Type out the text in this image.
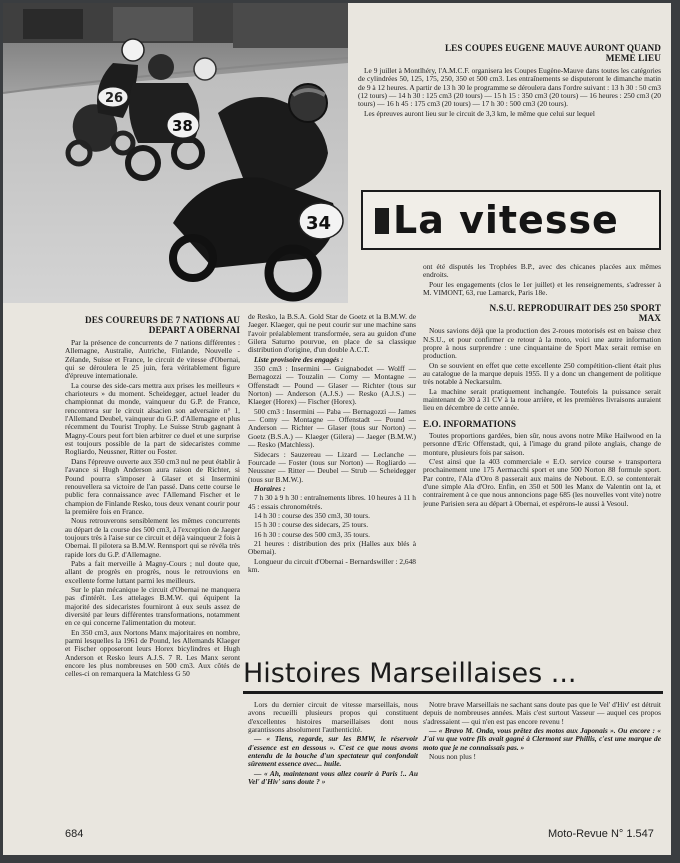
26
38
34
LES COUPES EUGENE MAUVE AURONT QUAND MEME LIEU

Le 9 juillet à Montlhéry, l'A.M.C.F. organisera les Coupes Eugène-Mauve dans toutes les catégories de cylindrées 50, 125, 175, 250, 350 et 500 cm3. Les entraînements se disputeront le dimanche matin de 9 à 12 heures. A partir de 13 h 30 le programme se déroulera dans l'ordre suivant : 13 h 30 : 50 cm3 (12 tours) — 14 h 30 : 125 cm3 (20 tours) — 15 h 15 : 350 cm3 (20 tours) — 16 heures : 250 cm3 (20 tours) — 16 h 45 : 175 cm3 (20 tours) — 17 h 30 : 500 cm3 (20 tours).

Les épreuves auront lieu sur le circuit de 3,3 km, le même que celui sur lequel

La vitesse

ont été disputés les Trophées B.P., avec des chicanes placées aux mêmes endroits.

Pour les engagements (clos le 1er juillet) et les renseignements, s'adresser à M. VIMONT, 63, rue Lamarck, Paris 18e.

N.S.U. REPRODUIRAIT DES 250 SPORT MAX

Nous savions déjà que la production des 2-roues motorisés est en baisse chez N.S.U., et pour confirmer ce retour à la moto, voici une autre information propre à nous surprendre : une cinquantaine de Sport Max serait remise en production.

On se souvient en effet que cette excellente 250 compétition-client était plus au catalogue de la marque depuis 1955. Il y a donc un changement de politique très notable à Neckarsulm.

La machine serait pratiquement inchangée. Toutefois la puissance serait maintenant de 30 à 31 CV à la roue arrière, et les premières livraisons auraient lieu en décembre de cette année.

E.O. INFORMATIONS

Toutes proportions gardées, bien sûr, nous avons notre Mike Hailwood en la personne d'Eric Offenstadt, qui, à l'image du grand pilote anglais, change de monture, plusieurs fois par saison.

C'est ainsi que la 403 commerciale « E.O. service course » transportera prochainement une 175 Aermacchi sport et une 500 Norton 88 formule sport. Par contre, l'Ala d'Oro 8 passerait aux mains de Nebout. E.O. se contenterait d'une simple Ala d'Oro. Enfin, en 350 et 500 les Manx de Valentin ont la, et contrairement à ce que nous annoncions page 685 (les nouvelles vont vite) notre jeune Parisien sera au départ à Obernai, et espérons-le aussi à Vesoul.

DES COUREURS DE 7 NATIONS AU DEPART A OBERNAI

Par la présence de concurrents de 7 nations différentes : Allemagne, Australie, Autriche, Finlande, Nouvelle - Zélande, Suisse et France, le circuit de vitesse d'Obernai, qui se déroulera le 25 juin, fera véritablement figure d'épreuve internationale.

La course des side-cars mettra aux prises les meilleurs « charioteurs » du moment. Scheidegger, actuel leader du championnat du monde, vainqueur du G.P. de France, rencontrera sur le circuit alsacien son adversaire n° 1, l'Allemand Deubel, vainqueur du G.P. d'Allemagne et plus récemment du Tourist Trophy. Le Suisse Strub gagnant à Magny-Cours peut fort bien arbitrer ce duel et une surprise est toujours possible de la part de sidecaristes comme Rogliardo, Neussner, Ritter ou Foster.

Dans l'épreuve ouverte aux 350 cm3 nul ne peut établir à l'avance si Hugh Anderson aura raison de Richter, si Pound pourra s'imposer à Glaser et si Insermini renouvellera sa victoire de l'an passé. Dans cette course le public fera connaissance avec l'Allemand Fischer et le champion de Finlande Resko, tous deux venant courir pour la première fois en France.

Nous retrouverons sensiblement les mêmes concurrents au départ de la course des 500 cm3, à l'exception de Jaeger toujours très à l'aise sur ce circuit et déjà vainqueur 2 fois à Obernai. Il pilotera sa B.M.W. Rennsport qui se révéla très rapide lors du G.P. d'Allemagne.

Pabs a fait merveille à Magny-Cours ; nul doute que, allant de progrès en progrès, nous le retrouvions en excellente forme luttant parmi les meilleurs.

Sur le plan mécanique le circuit d'Obernai ne manquera pas d'intérêt. Les attelages B.M.W. qui équipent la majorité des sidecaristes fourniront à eux seuls assez de diversité par leurs différentes transformations, notamment en ce qui concerne l'alimentation du moteur.

En 350 cm3, aux Nortons Manx majoritaires en nombre, parmi lesquelles la 1961 de Pound, les Allemands Klaeger et Fischer opposeront leurs Horex bicylindres et Hugh Anderson et Resko leurs A.J.S. 7 R. Les Manx seront encore les plus nombreuses en 500 cm3. Aux côtés de celles-ci on remarquera la Matchless G 50

de Resko, la B.S.A. Gold Star de Goetz et la B.M.W. de Jaeger. Klaeger, qui ne peut courir sur une machine sans l'avoir préalablement transformée, sera au guidon d'une Gilera Saturno pourvue, en place de sa classique distribution d'origine, d'un double A.C.T.

Liste provisoire des engagés :

350 cm3 : Insermini — Guignabodet — Wolff — Bernagozzi — Touzalin — Comy — Montagne — Offenstadt — Pound — Glaser — Richter (tous sur Norton) — Anderson (A.J.S.) — Resko (A.J.S.) — Klaeger (Horex) — Fischer (Horex).

500 cm3 : Insermini — Paba — Bernagozzi — James — Comy — Montagne — Offenstadt — Pound — Anderson — Richter — Glaser (tous sur Norton) — Goetz (B.S.A.) — Klaeger (Gilera) — Jaeger (B.M.W.) — Resko (Matchless).

Sidecars : Sauzereau — Lizard — Leclanche — Fourcade — Foster (tous sur Norton) — Rogliardo — Neussner — Ritter — Deubel — Strub — Scheidegger (tous sur B.M.W.).

Horaires :

7 h 30 à 9 h 30 : entraînements libres. 10 heures à 11 h 45 : essais chronométrés.

14 h 30 : course des 350 cm3, 30 tours.

15 h 30 : course des sidecars, 25 tours.

16 h 30 : course des 500 cm3, 35 tours.

21 heures : distribution des prix (Halles aux blés à Obernai).

Longueur du circuit d'Obernai - Bernardswiller : 2,648 km.

Histoires Marseillaises ...

Lors du dernier circuit de vitesse marseillais, nous avons recueilli plusieurs propos qui constituent d'excellentes histoires marseillaises dont nous garantissons absolument l'authenticité.

— « Tiens, regarde, sur les BMW, le réservoir d'essence est en dessous ». C'est ce que nous avons entendu de la bouche d'un spectateur qui confondait sûrement essence avec... huile.

— « Ah, maintenant vous allez courir à Paris !.. Au Vel' d'Hiv' sans doute ? »

Notre brave Marseillais ne sachant sans doute pas que le Vel' d'Hiv' est détruit depuis de nombreuses années. Mais c'est surtout Vasseur — auquel ces propos s'adressaient — qui n'en est pas encore revenu !

— « Bravo M. Onda, vous prêtez des motos aux Japonais ». Ou encore : « J'ai vu que votre fils avait gagné à Clermont sur Phillis, c'est une marque de moto que je ne connaissais pas. »

Nous non plus !

684	Moto-Revue N° 1.547
